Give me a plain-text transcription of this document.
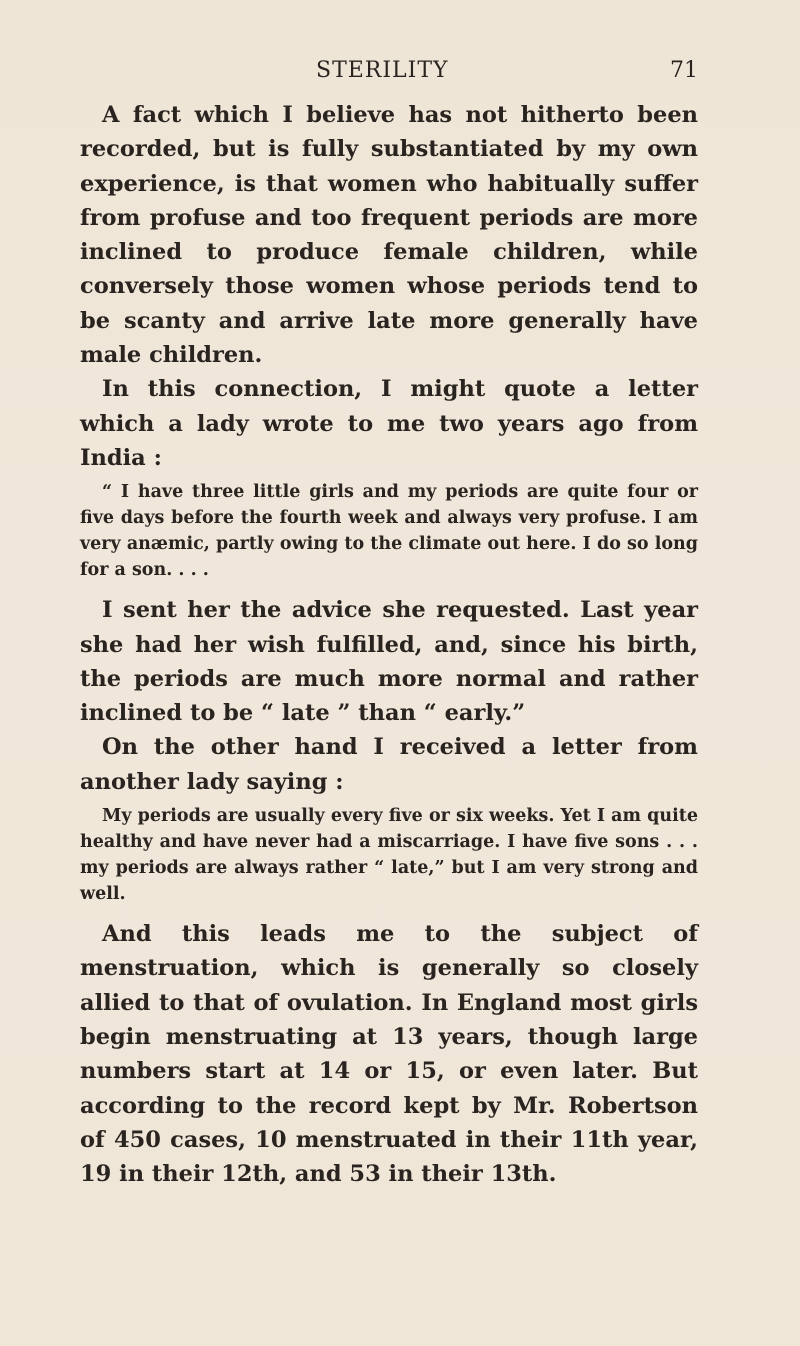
STERILITY	71

A fact which I believe has not hitherto been recorded, but is fully substantiated by my own experience, is that women who habitually suffer from profuse and too frequent periods are more inclined to produce female children, while conversely those women whose periods tend to be scanty and arrive late more generally have male children.

In this connection, I might quote a letter which a lady wrote to me two years ago from India :

“ I have three little girls and my periods are quite four or five days before the fourth week and always very profuse. I am very anæmic, partly owing to the climate out here. I do so long for a son. . . .

I sent her the advice she requested. Last year she had her wish fulfilled, and, since his birth, the periods are much more normal and rather inclined to be “ late ” than “ early.”

On the other hand I received a letter from another lady saying :

My periods are usually every five or six weeks. Yet I am quite healthy and have never had a miscarriage. I have five sons . . . my periods are always rather “ late,” but I am very strong and well.

And this leads me to the subject of menstruation, which is generally so closely allied to that of ovulation. In England most girls begin menstruating at 13 years, though large numbers start at 14 or 15, or even later. But according to the record kept by Mr. Robertson of 450 cases, 10 menstruated in their 11th year, 19 in their 12th, and 53 in their 13th.
